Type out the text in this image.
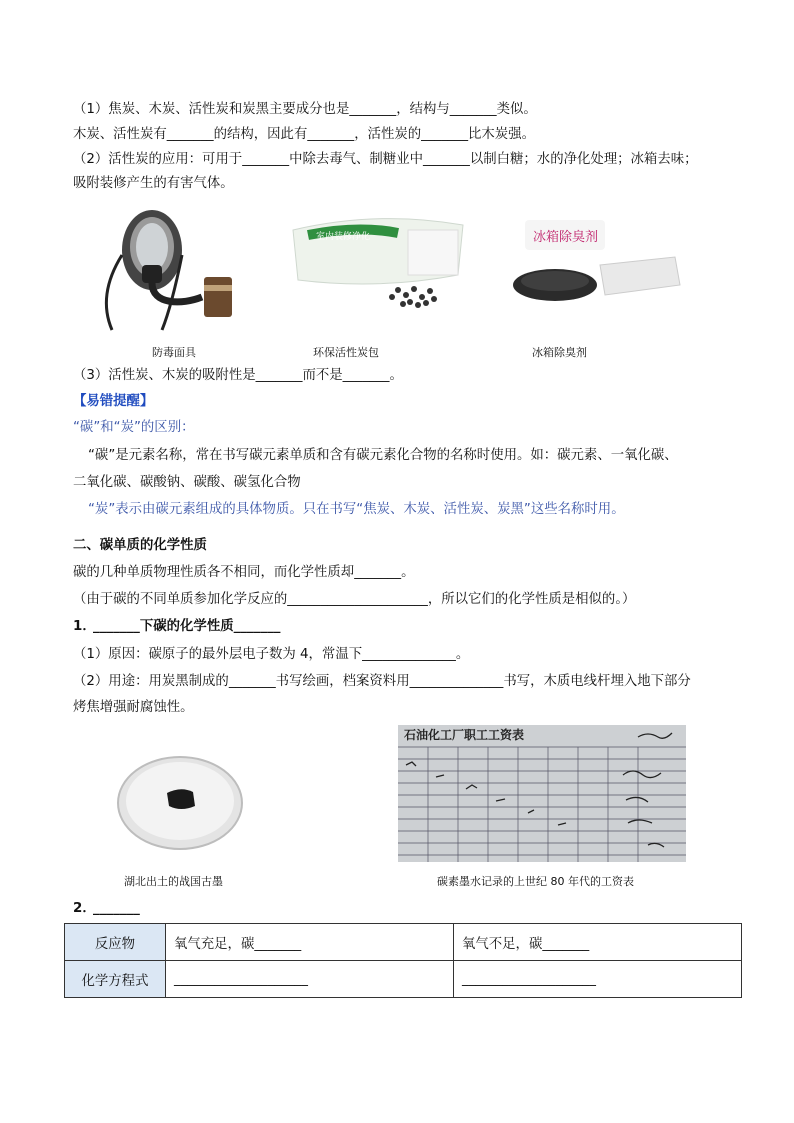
（1）焦炭、木炭、活性炭和炭黑主要成分也是_______，结构与_______类似。
木炭、活性炭有_______的结构，因此有_______，活性炭的_______比木炭强。
（2）活性炭的应用：可用于_______中除去毒气、制糖业中_______以制白糖；水的净化处理；冰箱去味；
吸附装修产生的有害气体。
室内装修净化	冰箱除臭剂
防毒面具	环保活性炭包	冰箱除臭剂
（3）活性炭、木炭的吸附性是_______而不是_______。
【易错提醒】
“碳”和“炭”的区别：
“碳”是元素名称，常在书写碳元素单质和含有碳元素化合物的名称时使用。如：碳元素、一氧化碳、
二氧化碳、碳酸钠、碳酸、碳氢化合物
“炭”表示由碳元素组成的具体物质。只在书写“焦炭、木炭、活性炭、炭黑”这些名称时用。
二、碳单质的化学性质
碳的几种单质物理性质各不相同，而化学性质却_______。
（由于碳的不同单质参加化学反应的_____________________，所以它们的化学性质是相似的。）
1．
_______下碳的化学性质_______
（1）原因：碳原子的最外层电子数为 4，常温下______________。
（2）用途：用炭黑制成的_______书写绘画，档案资料用______________书写，木质电线杆埋入地下部分
烤焦增强耐腐蚀性。
石油化工厂职工工资表
湖北出土的战国古墨	碳素墨水记录的上世纪 80 年代的工资表
2．
_______
反应物	氧气充足，碳_______	氧气不足，碳_______
化学方程式	____________________	____________________
